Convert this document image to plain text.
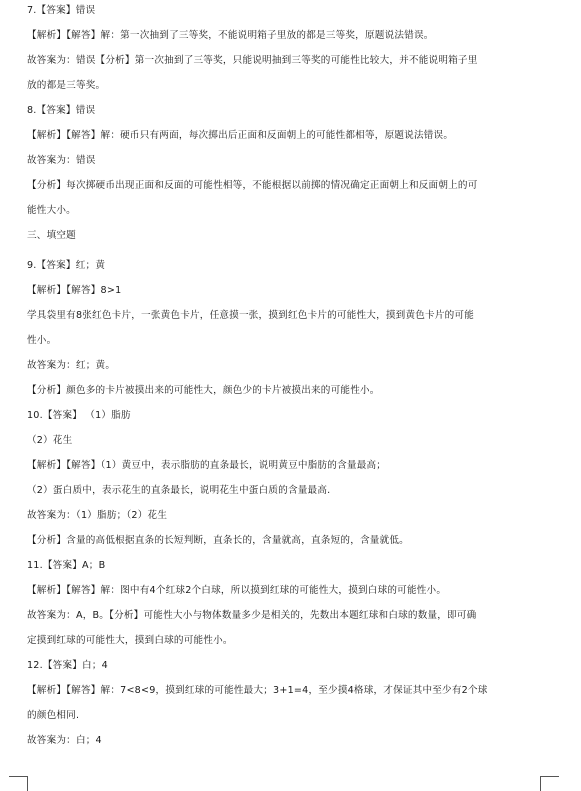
7.【答案】错误
【解析】【解答】解：第一次抽到了三等奖，不能说明箱子里放的都是三等奖，原题说法错误。
故答案为：错误【分析】第一次抽到了三等奖，只能说明抽到三等奖的可能性比较大，并不能说明箱子里
放的都是三等奖。
8.【答案】错误
【解析】【解答】解：硬币只有两面，每次掷出后正面和反面朝上的可能性都相等，原题说法错误。
故答案为：错误
【分析】每次掷硬币出现正面和反面的可能性相等，不能根据以前掷的情况确定正面朝上和反面朝上的可
能性大小。
三、填空题
9.【答案】红；黄
【解析】【解答】8>1
学具袋里有8张红色卡片，一张黄色卡片，任意摸一张，摸到红色卡片的可能性大，摸到黄色卡片的可能
性小。
故答案为：红；黄。
【分析】颜色多的卡片被摸出来的可能性大，颜色少的卡片被摸出来的可能性小。
10.【答案】 （1）脂肪
（2）花生
【解析】【解答】（1）黄豆中，表示脂肪的直条最长，说明黄豆中脂肪的含量最高；
（2）蛋白质中，表示花生的直条最长，说明花生中蛋白质的含量最高.
故答案为：（1）脂肪；（2）花生
【分析】含量的高低根据直条的长短判断，直条长的，含量就高，直条短的，含量就低。
11.【答案】A；B
【解析】【解答】解：图中有4个红球2个白球，所以摸到红球的可能性大，摸到白球的可能性小。
故答案为：A，B。【分析】可能性大小与物体数量多少是相关的，先数出本题红球和白球的数量，即可确
定摸到红球的可能性大，摸到白球的可能性小。
12.【答案】白；4
【解析】【解答】解：7<8<9，摸到红球的可能性最大；3+1=4，至少摸4格球，才保证其中至少有2个球
的颜色相同.
故答案为：白；4
